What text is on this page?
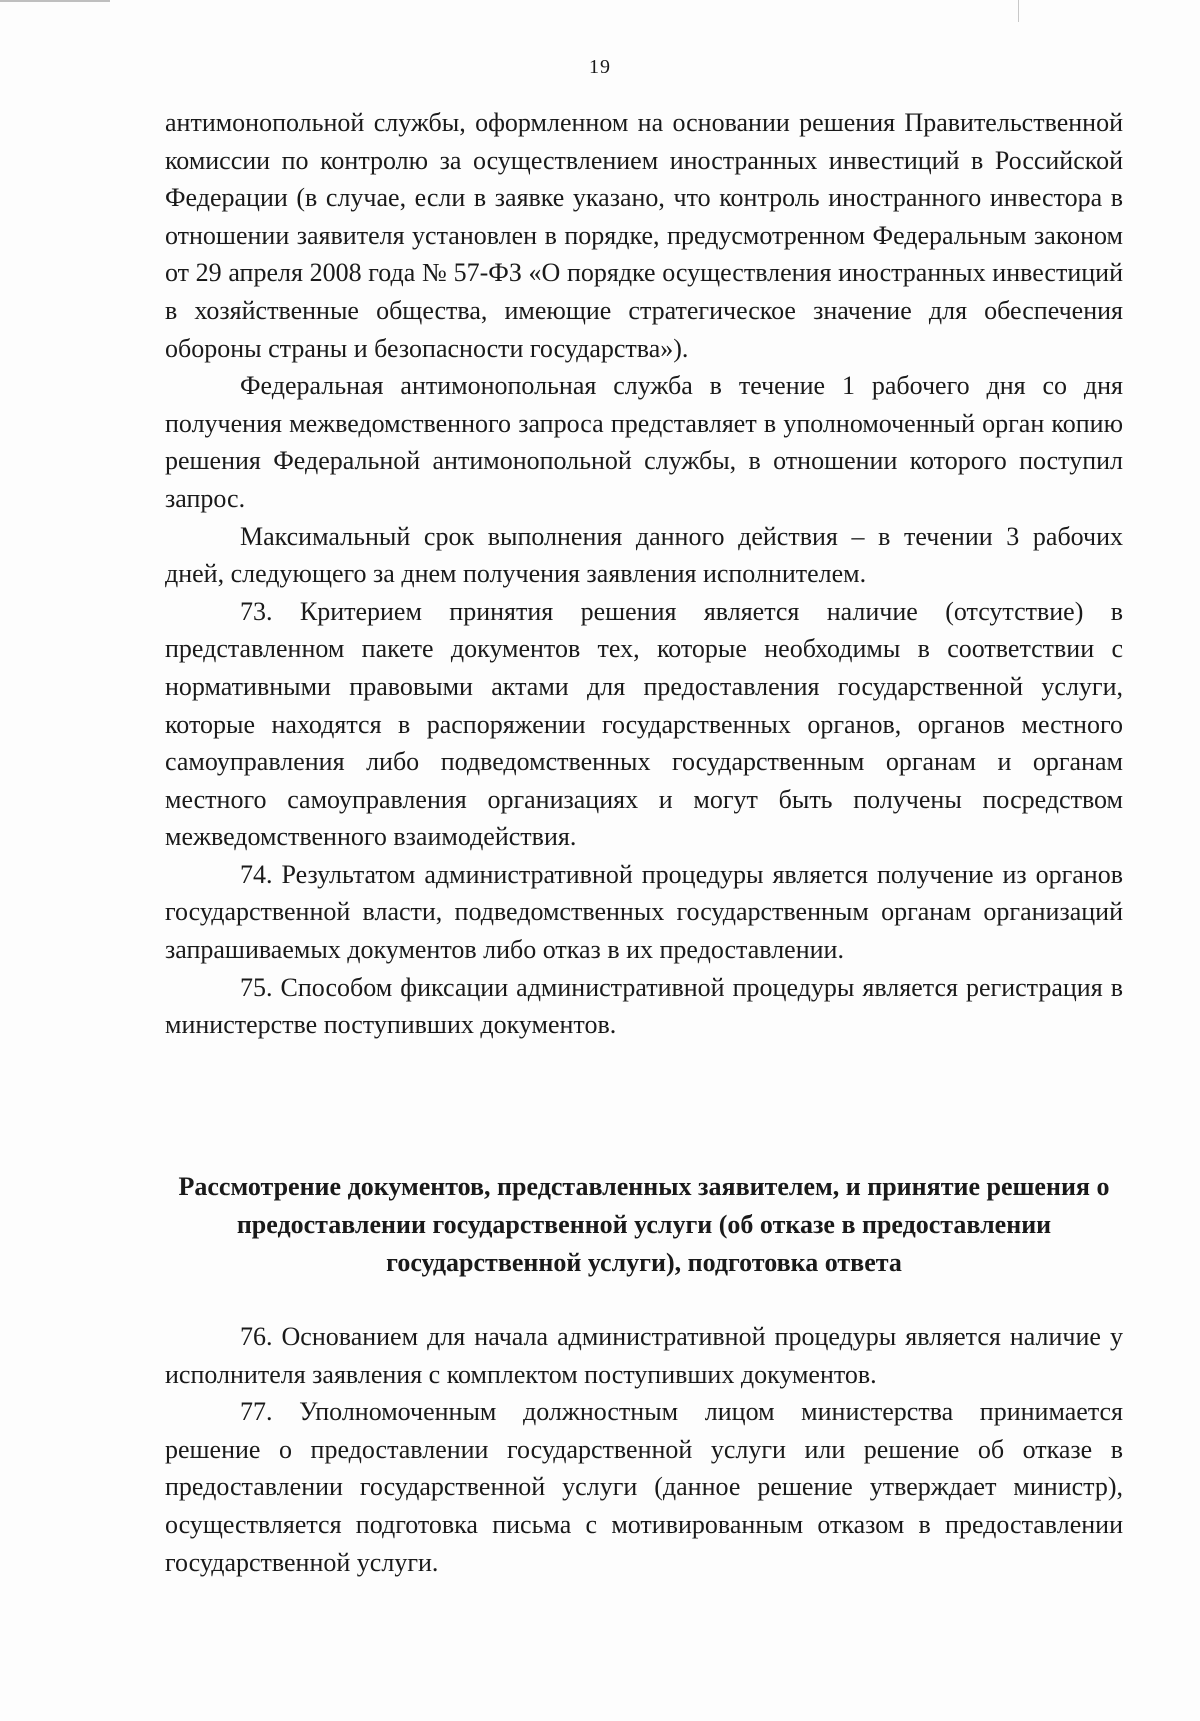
19

антимонопольной службы, оформленном на основании решения Правительственной комиссии по контролю за осуществлением иностранных инвестиций в Российской Федерации (в случае, если в заявке указано, что контроль иностранного инвестора в отношении заявителя установлен в порядке, предусмотренном Федеральным законом от 29 апреля 2008 года № 57-ФЗ «О порядке осуществления иностранных инвестиций в хозяйственные общества, имеющие стратегическое значение для обеспечения обороны страны и безопасности государства»).

Федеральная антимонопольная служба в течение 1 рабочего дня со дня получения межведомственного запроса представляет в уполномоченный орган копию решения Федеральной антимонопольной службы, в отношении которого поступил запрос.

Максимальный срок выполнения данного действия – в течении 3 рабочих дней, следующего за днем получения заявления исполнителем.

73. Критерием принятия решения является наличие (отсутствие) в представленном пакете документов тех, которые необходимы в соответствии с нормативными правовыми актами для предоставления государственной услуги, которые находятся в распоряжении государственных органов, органов местного самоуправления либо подведомственных государственным органам и органам местного самоуправления организациях и могут быть получены посредством межведомственного взаимодействия.

74. Результатом административной процедуры является получение из органов государственной власти, подведомственных государственным органам организаций запрашиваемых документов либо отказ в их предоставлении.

75. Способом фиксации административной процедуры является регистрация в министерстве поступивших документов.

Рассмотрение документов, представленных заявителем, и принятие решения о предоставлении государственной услуги (об отказе в предоставлении государственной услуги), подготовка ответа

76. Основанием для начала административной процедуры является наличие у исполнителя заявления с комплектом поступивших документов.

77. Уполномоченным должностным лицом министерства принимается решение о предоставлении государственной услуги или решение об отказе в предоставлении государственной услуги (данное решение утверждает министр), осуществляется подготовка письма с мотивированным отказом в предоставлении государственной услуги.
